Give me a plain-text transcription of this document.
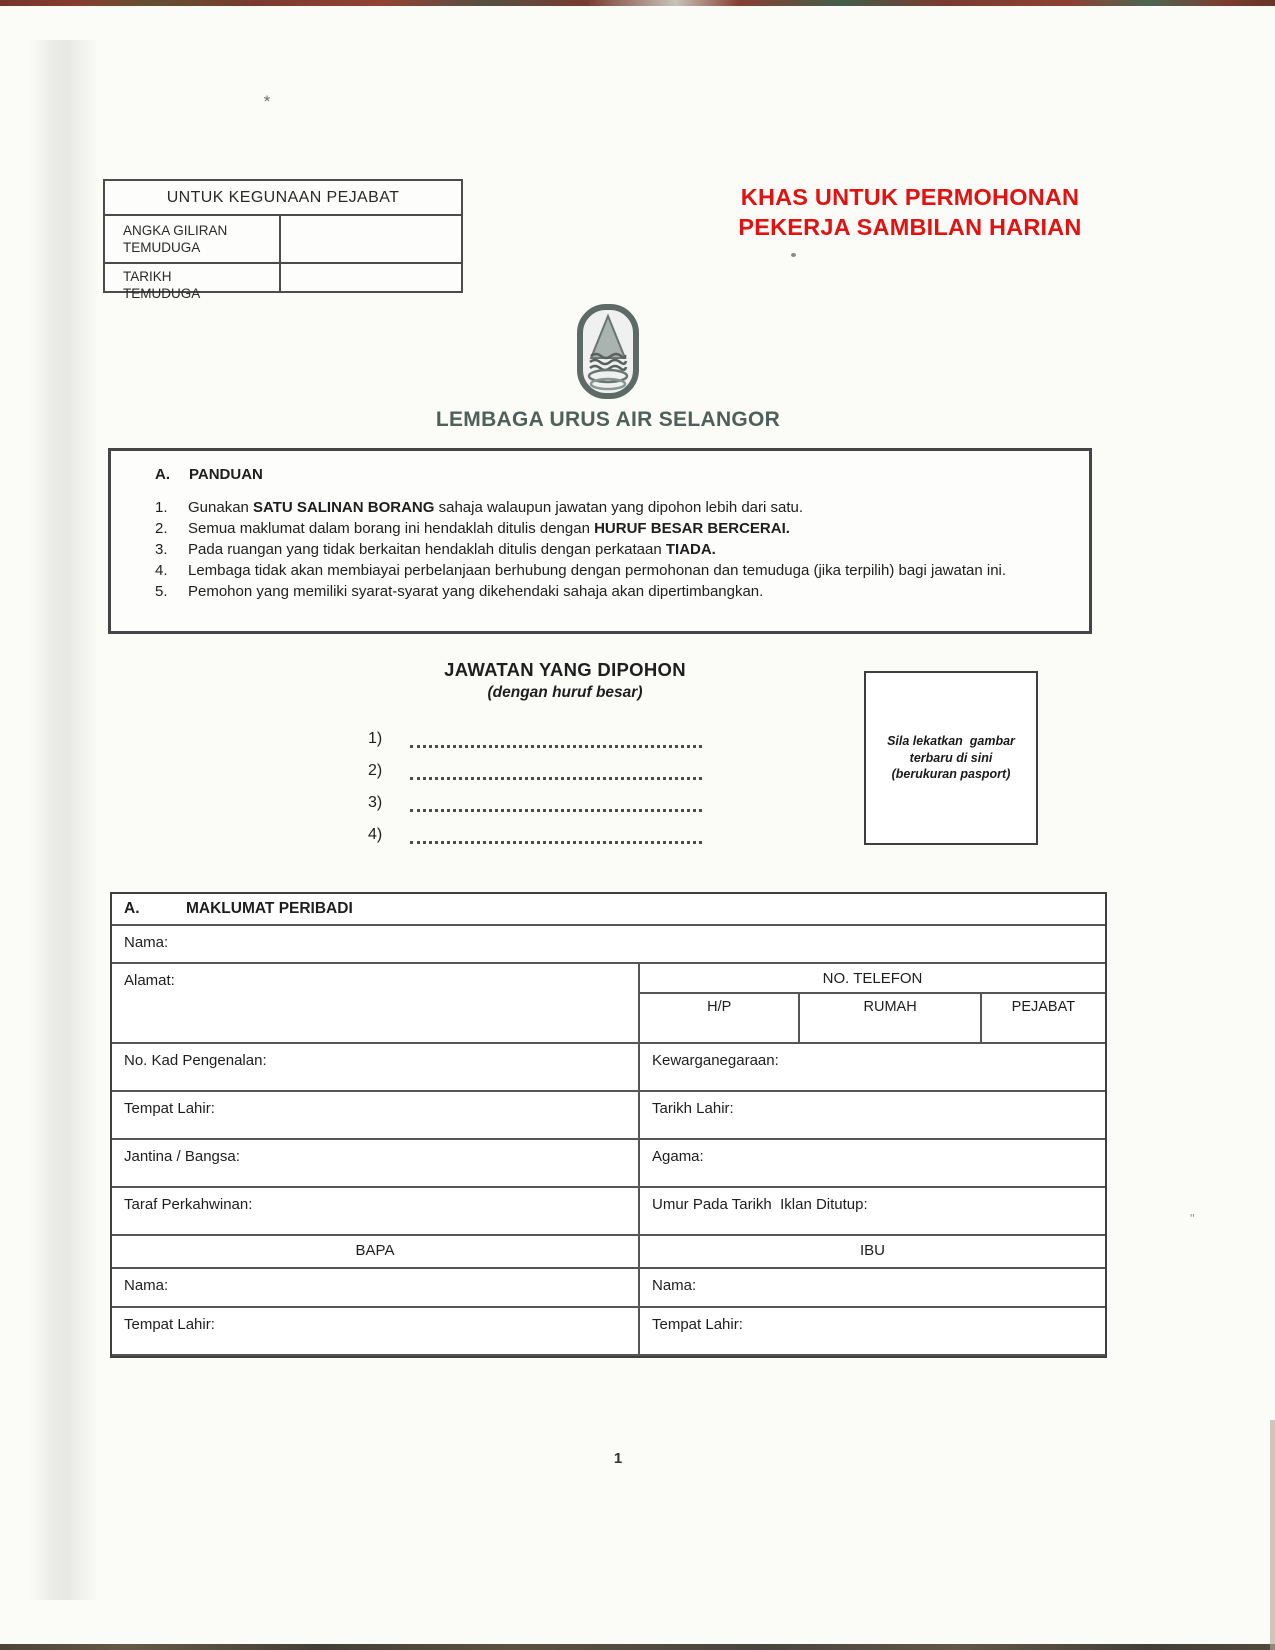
*
"
UNTUK KEGUNAAN PEJABAT
ANGKA GILIRAN TEMUDUGA
TARIKH TEMUDUGA
KHAS UNTUK PERMOHONAN
PEKERJA SAMBILAN HARIAN
LEMBAGA URUS AIR SELANGOR
A. PANDUAN
1.	Gunakan SATU SALINAN BORANG sahaja walaupun jawatan yang dipohon lebih dari satu.
2.	Semua maklumat dalam borang ini hendaklah ditulis dengan HURUF BESAR BERCERAI.
3.	Pada ruangan yang tidak berkaitan hendaklah ditulis dengan perkataan TIADA.
4.	Lembaga tidak akan membiayai perbelanjaan berhubung dengan permohonan dan temuduga (jika terpilih) bagi jawatan ini.
5.	Pemohon yang memiliki syarat-syarat yang dikehendaki sahaja akan dipertimbangkan.
JAWATAN YANG DIPOHON
(dengan huruf besar)
1)
2)
3)
4)
Sila lekatkan  gambar
terbaru di sini
(berukuran pasport)
A.	MAKLUMAT PERIBADI
Nama:
Alamat:	NO. TELEFON
H/P	RUMAH	PEJABAT
No. Kad Pengenalan:	Kewarganegaraan:
Tempat Lahir:	Tarikh Lahir:
Jantina / Bangsa:	Agama:
Taraf Perkahwinan:	Umur Pada Tarikh  Iklan Ditutup:
BAPA	IBU
Nama:	Nama:
Tempat Lahir:	Tempat Lahir:
1
